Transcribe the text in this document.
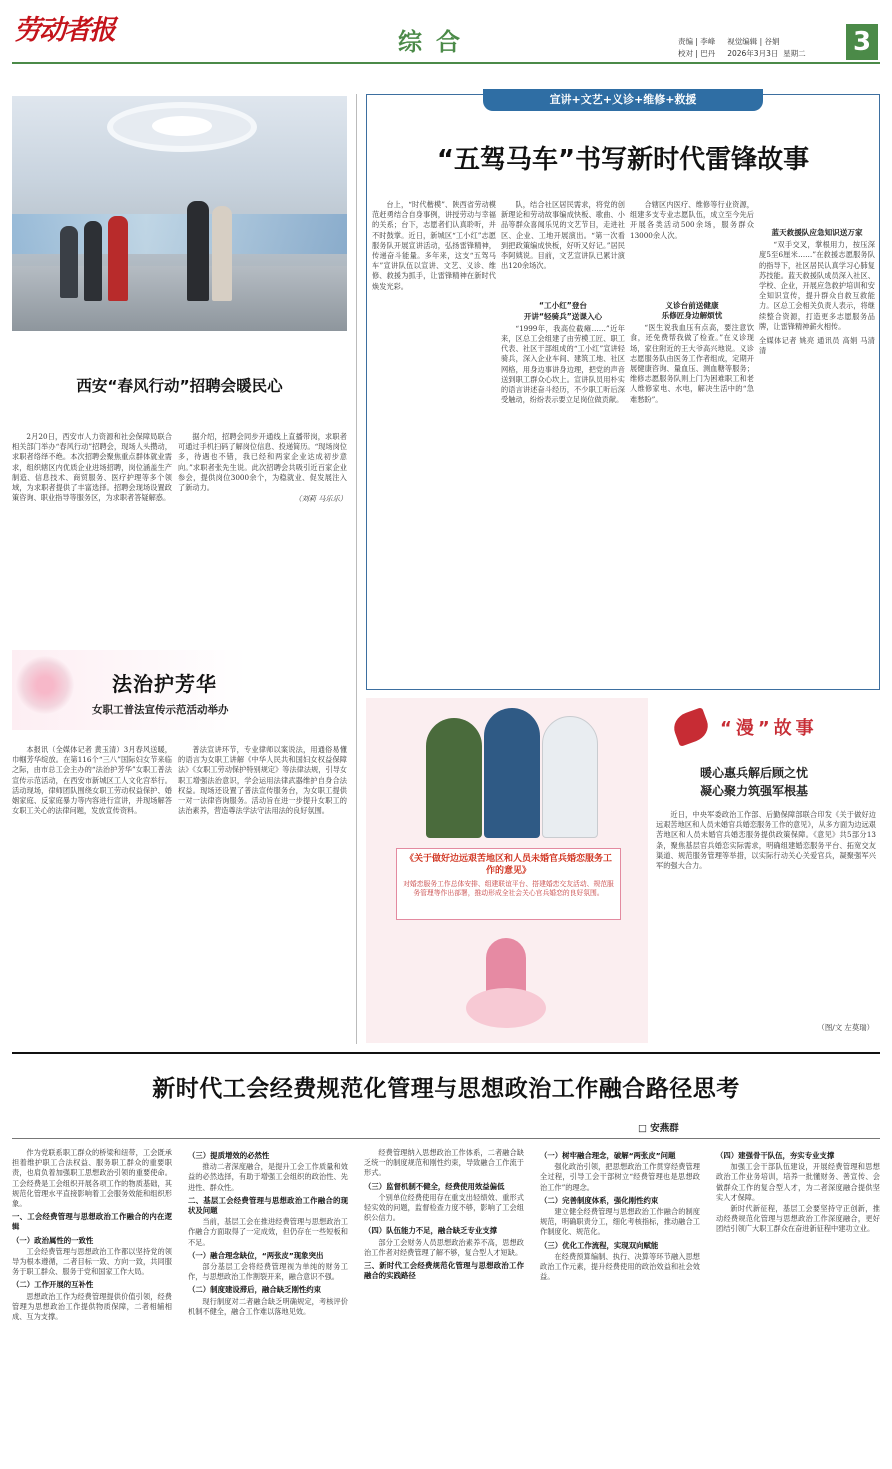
劳动者报	综合	责编 | 李峰     视觉编辑 | 谷娟
校对 | 巴丹     2026年3月3日  星期二 3
西安“春风行动”招聘会暖民心

2月20日，西安市人力资源和社会保障局联合相关部门举办“春风行动”招聘会，现场人头攒动，求职者络绎不绝。本次招聘会聚焦重点群体就业需求，组织辖区内优质企业进场招聘，岗位涵盖生产制造、信息技术、商贸服务、医疗护理等多个领域，为求职者提供了丰富选择。招聘会现场设置政策咨询、职业指导等服务区，为求职者答疑解惑。

据介绍，招聘会同步开通线上直播带岗，求职者可通过手机扫码了解岗位信息、投递简历。“现场岗位多，待遇也不错，我已经和两家企业达成初步意向。”求职者张先生说。此次招聘会共吸引近百家企业参会，提供岗位3000余个，为稳就业、促发展注入了新动力。

（刘莉 马乐乐）
法治护芳华
女职工普法宣传示范活动举办

本报讯（全媒体记者 黄玉清）3月春风送暖，巾帼芳华绽放。在第116个“三八”国际妇女节来临之际，由市总工会主办的“法治护芳华”女职工普法宣传示范活动，在西安市新城区工人文化宫举行。活动现场，律师团队围绕女职工劳动权益保护、婚姻家庭、反家庭暴力等内容进行宣讲，并现场解答女职工关心的法律问题，发放宣传资料。

普法宣讲环节，专业律师以案说法，用通俗易懂的语言为女职工讲解《中华人民共和国妇女权益保障法》《女职工劳动保护特别规定》等法律法规，引导女职工增强法治意识，学会运用法律武器维护自身合法权益。现场还设置了普法宣传服务台，为女职工提供一对一法律咨询服务。活动旨在进一步提升女职工的法治素养，营造尊法学法守法用法的良好氛围。

宣讲+文艺+义诊+维修+救援
“五驾马车”书写新时代雷锋故事

台上，“时代楷模”、陕西省劳动模范赶勇结合自身事例，讲授劳动与幸福的关系；台下，志愿者们认真聆听，并不时鼓掌。近日，新城区“工小红”志愿服务队开展宣讲活动，弘扬雷锋精神，传递奋斗能量。多年来，这支“五驾马车”宣讲队伍以宣讲、文艺、义诊、维修、救援为抓手，让雷锋精神在新时代焕发光彩。

队，结合社区居民需求，将党的创新理论和劳动故事编成快板、歌曲、小品等群众喜闻乐见的文艺节目，走进社区、企业、工地开展演出。“第一次看到把政策编成快板，好听又好记。”居民李阿姨说。目前，文艺宣讲队已累计演出120余场次。

“工小红”登台
开讲“轻骑兵”送课入心

“1999年，我高位截瘫……”近年来，区总工会组建了由劳模工匠、职工代表、社区干部组成的“工小红”宣讲轻骑兵，深入企业车间、建筑工地、社区网格，用身边事讲身边理，把党的声音送到职工群众心坎上。宣讲队员用朴实的语言讲述奋斗经历，不少职工听后深受触动，纷纷表示要立足岗位做贡献。

合辖区内医疗、维修等行业资源，组建多支专业志愿队伍，成立至今先后开展各类活动500余场，服务群众13000余人次。

义诊台前送健康
乐修匠身边解烦忧

“医生说我血压有点高，要注意饮食，还免费帮我做了检查。”在义诊现场，家住附近的王大爷高兴地说。义诊志愿服务队由医务工作者组成，定期开展健康咨询、量血压、测血糖等服务；维修志愿服务队则上门为困难职工和老人维修家电、水电，解决生活中的“急难愁盼”。

蓝天救援队应急知识送万家

“双手交叉，掌根用力，按压深度5至6厘米……”在救援志愿服务队的指导下，社区居民认真学习心肺复苏技能。蓝天救援队成员深入社区、学校、企业，开展应急救护培训和安全知识宣传，提升群众自救互救能力。区总工会相关负责人表示，将继续整合资源，打造更多志愿服务品牌，让雷锋精神薪火相传。

全媒体记者 姚亮 通讯员 高娟 马清清
《关于做好边远艰苦地区和人员未婚官兵婚恋服务工作的意见》
对婚恋服务工作总体安排、组建联谊平台、搭建婚恋交友活动、规范服务管理等作出部署，推动形成全社会关心官兵婚恋的良好氛围。
“漫”故事
暖心惠兵解后顾之忧
凝心聚力筑强军根基

近日，中央军委政治工作部、后勤保障部联合印发《关于做好边远艰苦地区和人员未婚官兵婚恋服务工作的意见》，从多方面为边远艰苦地区和人员未婚官兵婚恋服务提供政策保障。《意见》共5部分13条，聚焦基层官兵婚恋实际需求，明确组建婚恋服务平台、拓宽交友渠道、规范服务管理等举措，以实际行动关心关爱官兵，凝聚强军兴军的强大合力。

（图/文 左莫瑞）
新时代工会经费规范化管理与思想政治工作融合路径思考
□ 安燕群

作为党联系职工群众的桥梁和纽带，工会既承担着维护职工合法权益、服务职工群众的重要职责，也肩负着加强职工思想政治引领的重要使命。工会经费是工会组织开展各项工作的物质基础，其规范化管理水平直接影响着工会服务效能和组织形象。

一、工会经费管理与思想政治工作融合的内在逻辑
（一）政治属性的一致性

工会经费管理与思想政治工作都以坚持党的领导为根本遵循，二者目标一致、方向一致，共同服务于职工群众、服务于党和国家工作大局。

（二）工作开展的互补性

思想政治工作为经费管理提供价值引领，经费管理为思想政治工作提供物质保障，二者相辅相成、互为支撑。

（三）提质增效的必然性

推动二者深度融合，是提升工会工作质量和效益的必然选择，有助于增强工会组织的政治性、先进性、群众性。

二、基层工会经费管理与思想政治工作融合的现状及问题

当前，基层工会在推进经费管理与思想政治工作融合方面取得了一定成效，但仍存在一些短板和不足。

（一）融合理念缺位，“两张皮”现象突出

部分基层工会将经费管理视为单纯的财务工作，与思想政治工作割裂开来，融合意识不强。

（二）制度建设滞后，融合缺乏刚性约束

现行制度对二者融合缺乏明确规定，考核评价机制不健全，融合工作难以落地见效。

经费管理纳入思想政治工作体系，二者融合缺乏统一的制度规范和刚性约束，导致融合工作流于形式。

（三）监督机制不健全，经费使用效益偏低

个别单位经费使用存在重支出轻绩效、重形式轻实效的问题，监督检查力度不够，影响了工会组织公信力。

（四）队伍能力不足，融合缺乏专业支撑

部分工会财务人员思想政治素养不高，思想政治工作者对经费管理了解不够，复合型人才短缺。

三、新时代工会经费规范化管理与思想政治工作融合的实践路径
（一）树牢融合理念，破解“两张皮”问题

强化政治引领，把思想政治工作贯穿经费管理全过程，引导工会干部树立“经费管理也是思想政治工作”的理念。

（二）完善制度体系，强化刚性约束

建立健全经费管理与思想政治工作融合的制度规范，明确职责分工，细化考核指标，推动融合工作制度化、规范化。

（三）优化工作流程，实现双向赋能

在经费预算编制、执行、决算等环节融入思想政治工作元素，提升经费使用的政治效益和社会效益。

（四）建强骨干队伍，夯实专业支撑

加强工会干部队伍建设，开展经费管理和思想政治工作业务培训，培养一批懂财务、善宣传、会做群众工作的复合型人才，为二者深度融合提供坚实人才保障。

新时代新征程，基层工会要坚持守正创新，推动经费规范化管理与思想政治工作深度融合，更好团结引领广大职工群众在奋进新征程中建功立业。
